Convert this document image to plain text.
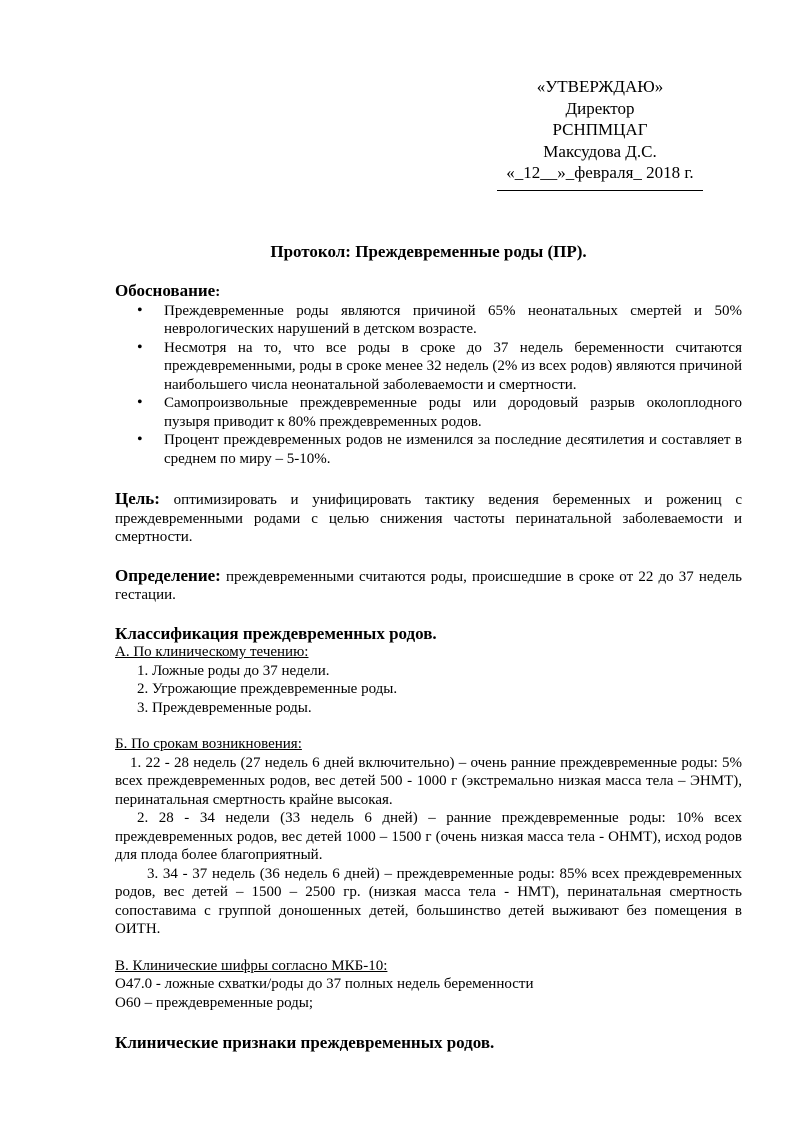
«УТВЕРЖДАЮ»
Директор
РСНПМЦАГ
Максудова Д.С.
«_12__»_февраля_ 2018 г.
Протокол: Преждевременные роды (ПР).
Обоснование:
• Преждевременные роды являются причиной 65% неонатальных смертей и 50% неврологических нарушений в детском возрасте.
• Несмотря на то, что все роды в сроке до 37 недель беременности считаются преждевременными, роды в сроке менее 32 недель (2% из всех родов) являются причиной наибольшего числа неонатальной заболеваемости и смертности.
• Самопроизвольные преждевременные роды или дородовый разрыв околоплодного пузыря приводит к 80% преждевременных родов.
• Процент преждевременных родов не изменился за последние десятилетия и составляет в среднем по миру – 5-10%.
Цель: оптимизировать и унифицировать тактику ведения беременных и рожениц с преждевременными родами с целью снижения частоты перинатальной заболеваемости и смертности.
Определение: преждевременными считаются роды, происшедшие в сроке от 22 до 37 недель гестации.
Классификация преждевременных родов.
А. По клиническому течению:
1. Ложные роды до 37 недели.
2. Угрожающие преждевременные роды.
3. Преждевременные роды.
Б. По срокам возникновения:
1. 22 - 28 недель (27 недель 6 дней включительно) – очень ранние преждевременные роды: 5% всех преждевременных родов, вес детей 500 - 1000 г (экстремально низкая масса тела – ЭНМТ), перинатальная смертность крайне высокая.
2. 28 - 34 недели (33 недель 6 дней) – ранние преждевременные роды: 10% всех преждевременных родов, вес детей 1000 – 1500 г (очень низкая масса тела - ОНМТ), исход родов для плода более благоприятный.
3. 34 - 37 недель (36 недель 6 дней) – преждевременные роды: 85% всех преждевременных родов, вес детей – 1500 – 2500 гр. (низкая масса тела - НМТ), перинатальная смертность сопоставима с группой доношенных детей, большинство детей выживают без помещения в ОИТН.
В. Клинические шифры согласно МКБ-10:
О47.0 - ложные схватки/роды до 37 полных недель беременности
О60 – преждевременные роды;
Клинические признаки преждевременных родов.
